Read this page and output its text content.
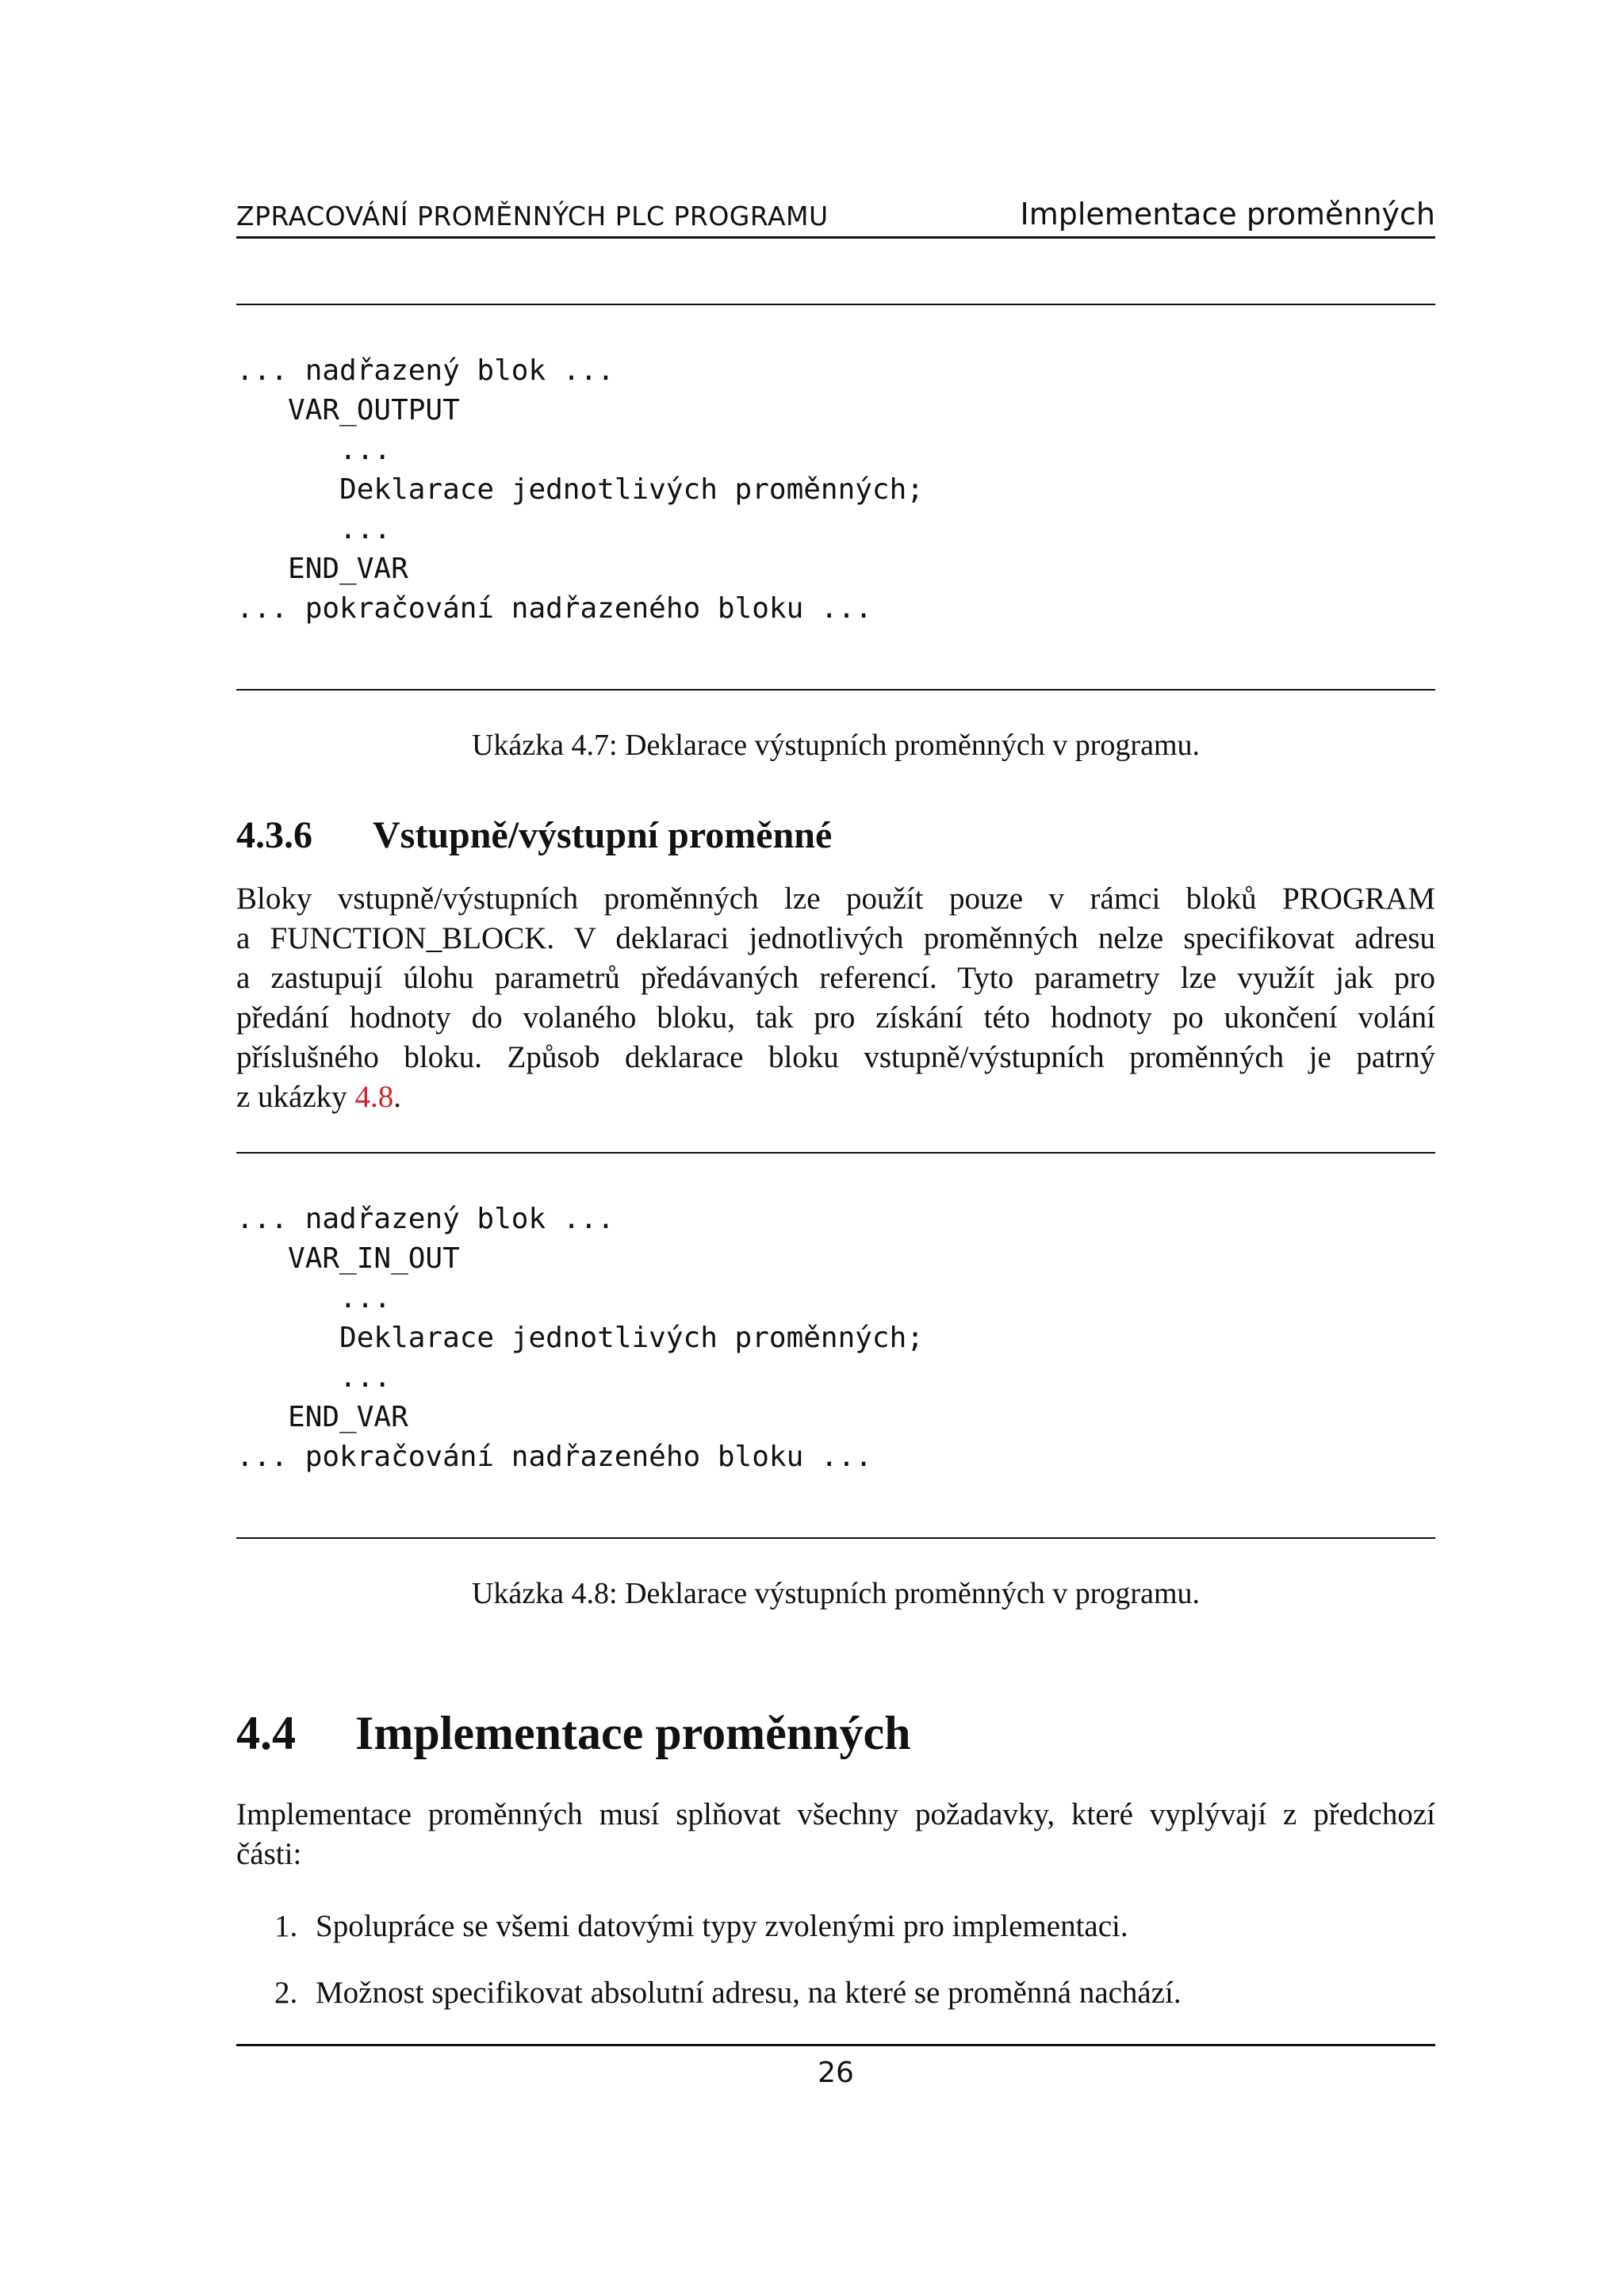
ZPRACOVÁNÍ PROMĚNNÝCH PLC PROGRAMU	Implementace proměnných
... nadřazený blok ...
VAR_OUTPUT
...
Deklarace jednotlivých proměnných;
...
END_VAR
... pokračování nadřazeného bloku ...
Ukázka 4.7: Deklarace výstupních proměnných v programu.
4.3.6 Vstupně/výstupní proměnné
Bloky vstupně/výstupních proměnných lze použít pouze v rámci bloků PROGRAM
a FUNCTION_BLOCK. V deklaraci jednotlivých proměnných nelze specifikovat adresu
a zastupují úlohu parametrů předávaných referencí. Tyto parametry lze využít jak pro
předání hodnoty do volaného bloku, tak pro získání této hodnoty po ukončení volání
příslušného bloku. Způsob deklarace bloku vstupně/výstupních proměnných je patrný
z ukázky 4.8.
... nadřazený blok ...
VAR_IN_OUT
...
Deklarace jednotlivých proměnných;
...
END_VAR
... pokračování nadřazeného bloku ...
Ukázka 4.8: Deklarace výstupních proměnných v programu.
4.4 Implementace proměnných
Implementace proměnných musí splňovat všechny požadavky, které vyplývají z předchozí
části:
1. Spolupráce se všemi datovými typy zvolenými pro implementaci.
2. Možnost specifikovat absolutní adresu, na které se proměnná nachází.
26
